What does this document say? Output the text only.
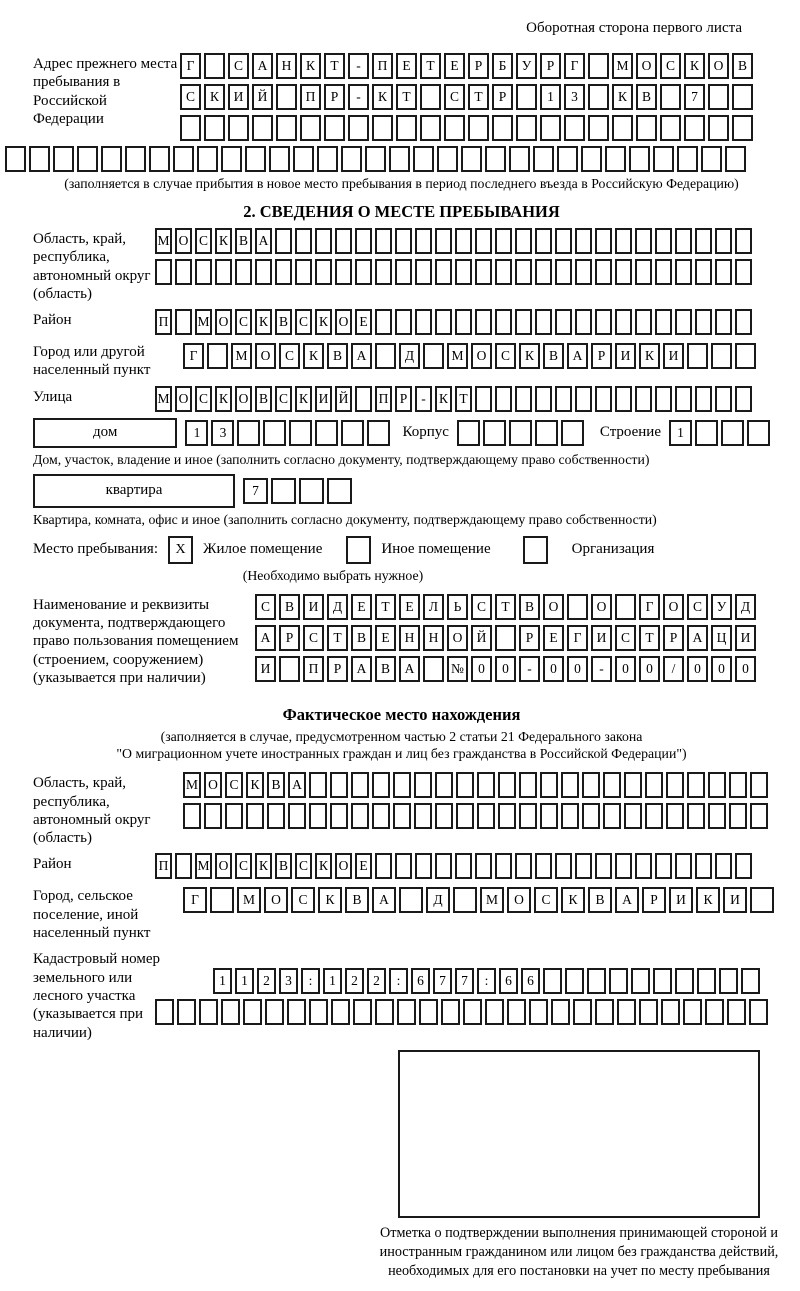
Оборотная сторона первого листа
Адрес прежнего места пребывания в Российской Федерации
Г	С	А	Н	К	Т	-	П	Е	Т	Е	Р	Б	У	Р	Г	М О	С	К	О	В
С	К	И	Й	П	Р	-	К	Т	С	Т	Р	1	3	К	В	7
(заполняется в случае прибытия в новое место пребывания в период последнего въезда в Российскую Федерацию)
2. СВЕДЕНИЯ О МЕСТЕ ПРЕБЫВАНИЯ
Область, край, республика, автономный округ (область)
М О С К В А
Район	П М О С К В С К О Е
Город или другой населенный пункт
Г	М О	С	К	В	А	Д	М О	С	К	В	А	Р	И	К	И
Улица	М О С К О В С К И Й П Р	- К Т
дом	1	3	Корпус	Строение	1
Дом, участок, владение и иное (заполнить согласно документу, подтверждающему право собственности)
квартира	7
Квартира, комната, офис и иное (заполнить согласно документу, подтверждающему право собственности)
Место пребывания:	X	Жилое помещение	Иное помещение	Организация
(Необходимо выбрать нужное)
Наименование и реквизиты документа, подтверждающего право пользования помещением (строением, сооружением) (указывается при наличии)
С	В	И	Д	Е	Т	Е	Л	Ь	С	Т	В	О	О	Г	О	С	У	Д
А	Р	С	Т	В	Е	Н	Н	О	Й	Р	Е	Г	И	С	Т	Р	А	Ц	И
И	П	Р	А	В	А	№	0	0	-	0	0	-	0	0	/	0	0	0
Фактическое место нахождения
(заполняется в случае, предусмотренном частью 2 статьи 21 Федерального закона
"О миграционном учете иностранных граждан и лиц без гражданства в Российской Федерации")
Область, край, республика, автономный округ (область)
М О С К В А
Район	П М О С К В С К О Е
Город, сельское поселение, иной населенный пункт
Г	М	О	С	К	В	А	Д	М	О	С	К	В	А	Р	И	К	И
Кадастровый номер земельного или лесного участка (указывается при наличии)
1	1	2	3	:	1	2	2	:	6	7	7	:	6	6
Отметка о подтверждении выполнения принимающей стороной и иностранным гражданином или лицом без гражданства действий, необходимых для его постановки на учет по месту пребывания
